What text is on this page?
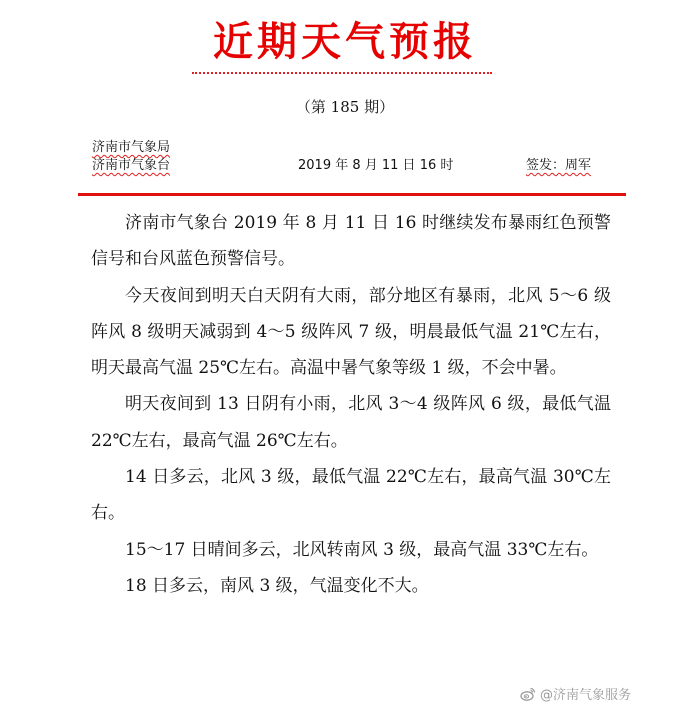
近期天气预报
（第 185 期）
济南市气象局
济南市气象台	2019 年 8 月 11 日 16 时	签发：周军

济南市气象台 2019 年 8 月 11 日 16 时继续发布暴雨红色预警信号和台风蓝色预警信号。

今天夜间到明天白天阴有大雨，部分地区有暴雨，北风 5～6 级阵风 8 级明天减弱到 4～5 级阵风 7 级，明晨最低气温 21℃左右，明天最高气温 25℃左右。高温中暑气象等级 1 级，不会中暑。

明天夜间到 13 日阴有小雨，北风 3～4 级阵风 6 级，最低气温 22℃左右，最高气温 26℃左右。

14 日多云，北风 3 级，最低气温 22℃左右，最高气温 30℃左右。

15～17 日晴间多云，北风转南风 3 级，最高气温 33℃左右。

18 日多云，南风 3 级，气温变化不大。

@济南气象服务
